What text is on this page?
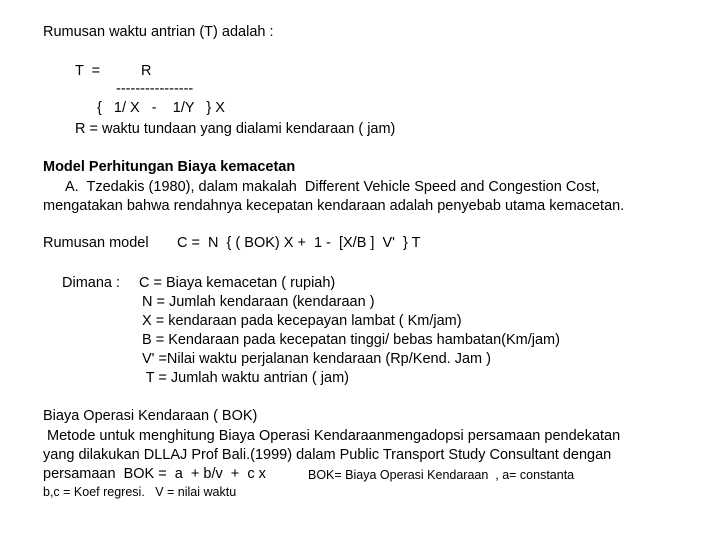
Rumusan waktu antrian (T) adalah :
T  =	R
----------------
{   1/ X   -    1/Y   } X
R = waktu tundaan yang dialami kendaraan ( jam)
Model Perhitungan Biaya kemacetan
A.  Tzedakis (1980), dalam makalah  Different Vehicle Speed and Congestion Cost,
mengatakan bahwa rendahnya kecepatan kendaraan adalah penyebab utama kemacetan.
Rumusan model C =  N  { ( BOK) X +  1 -  [X/B ]  V'  } T
Dimana : C = Biaya kemacetan ( rupiah)
N = Jumlah kendaraan (kendaraan )
X = kendaraan pada kecepayan lambat ( Km/jam)
B = Kendaraan pada kecepatan tinggi/ bebas hambatan(Km/jam)
V' =Nilai waktu perjalanan kendaraan (Rp/Kend. Jam )
T = Jumlah waktu antrian ( jam)
Biaya Operasi Kendaraan ( BOK)
Metode untuk menghitung Biaya Operasi Kendaraanmengadopsi persamaan pendekatan
yang dilakukan DLLAJ Prof Bali.(1999) dalam Public Transport Study Consultant dengan
persamaan  BOK =  a  + b/v  +  c x	BOK= Biaya Operasi Kendaraan  , a= constanta
b,c = Koef regresi.   V = nilai waktu
